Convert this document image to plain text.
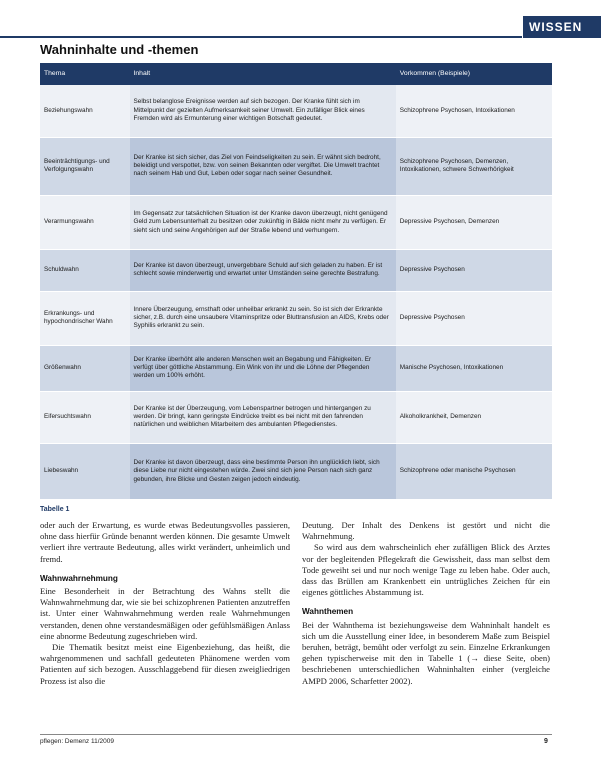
WISSEN
Wahninhalte und -themen
Thema	Inhalt	Vorkommen (Beispiele)
Beziehungswahn	Selbst belanglose Ereignisse werden auf sich bezogen. Der Kranke fühlt sich im Mittelpunkt der gezielten Aufmerksamkeit seiner Umwelt. Ein zufälliger Blick eines Fremden wird als Ermunterung einer wichtigen Botschaft gedeutet.	Schizophrene Psychosen, Intoxikationen
Beeinträchtigungs- und Verfolgungswahn	Der Kranke ist sich sicher, das Ziel von Feindseligkeiten zu sein. Er wähnt sich bedroht, beleidigt und verspottet, bzw. von seinen Bekannten oder vergiftet. Die Umwelt trachtet nach seinem Hab und Gut, Leben oder sogar nach seiner Gesundheit.	Schizophrene Psychosen, Demenzen, Intoxikationen, schwere Schwerhörigkeit
Verarmungswahn	Im Gegensatz zur tatsächlichen Situation ist der Kranke davon überzeugt, nicht genügend Geld zum Lebensunterhalt zu besitzen oder zukünftig in Bälde nicht mehr zu verfügen. Er sieht sich und seine Angehörigen auf der Straße lebend und verhungern.	Depressive Psychosen, Demenzen
Schuldwahn	Der Kranke ist davon überzeugt, unvergebbare Schuld auf sich geladen zu haben. Er ist schlecht sowie minderwertig und erwartet unter Umständen seine gerechte Bestrafung.	Depressive Psychosen
Erkrankungs- und hypochondrischer Wahn	Innere Überzeugung, ernsthaft oder unheilbar erkrankt zu sein. So ist sich der Erkrankte sicher, z.B. durch eine unsaubere Vitaminspritze oder Bluttransfusion an AIDS, Krebs oder Syphilis erkrankt zu sein.	Depressive Psychosen
Größenwahn	Der Kranke überhöht alle anderen Menschen weit an Begabung und Fähigkeiten. Er verfügt über göttliche Abstammung. Ein Wink von ihr und die Löhne der Pflegenden werden um 100% erhöht.	Manische Psychosen, Intoxikationen
Eifersuchtswahn	Der Kranke ist der Überzeugung, vom Lebenspartner betrogen und hintergangen zu werden. Dir bringt, kann geringste Eindrücke treibt es bei nicht mit den fahrenden natürlichen und weiblichen Mitarbeitern des ambulanten Pflegedienstes.	Alkoholkrankheit, Demenzen
Liebeswahn	Der Kranke ist davon überzeugt, dass eine bestimmte Person ihn unglücklich liebt, sich diese Liebe nur nicht eingestehen würde. Zwei sind sich jene Person nach sich ganz gebunden, ihre Blicke und Gesten zeigen jedoch eindeutig.	Schizophrene oder manische Psychosen
Tabelle 1

oder auch der Erwartung, es wurde etwas Bedeutungsvolles passieren, ohne dass hierfür Gründe benannt werden können. Die gesamte Umwelt verliert ihre vertraute Bedeutung, alles wirkt verändert, unheimlich und fremd.

Wahnwahrnehmung

Eine Besonderheit in der Betrachtung des Wahns stellt die Wahnwahrnehmung dar, wie sie bei schizophrenen Patienten anzutreffen ist. Unter einer Wahnwahrnehmung werden reale Wahrnehmungen verstanden, denen ohne verstandesmäßigen oder gefühlsmäßigen Anlass eine abnorme Bedeutung zugeschrieben wird.

Die Thematik besitzt meist eine Eigenbeziehung, das heißt, die wahrgenommenen und sachfall gedeuteten Phänomene werden vom Patienten auf sich bezogen. Ausschlaggebend für diesen zweigliedrigen Prozess ist also die

Deutung. Der Inhalt des Denkens ist gestört und nicht die Wahrnehmung.

So wird aus dem wahrscheinlich eher zufälligen Blick des Arztes vor der begleitenden Pflegekraft die Gewissheit, dass man selbst dem Tode geweiht sei und nur noch wenige Tage zu leben habe. Oder auch, dass das Brüllen am Krankenbett ein untrügliches Zeichen für ein eigenes göttliches Abstammung ist.

Wahnthemen

Bei der Wahnthema ist beziehungsweise dem Wahninhalt handelt es sich um die Ausstellung einer Idee, in besonderem Maße zum Beispiel beruhen, beträgt, bemüht oder verfolgt zu sein. Einzelne Erkrankungen gehen typischerweise mit den in Tabelle 1 (→ diese Seite, oben) beschriebenen unterschiedlichen Wahninhalten einher (vergleiche AMPD 2006, Scharfetter 2002).

pflegen: Demenz 11/2009	9
